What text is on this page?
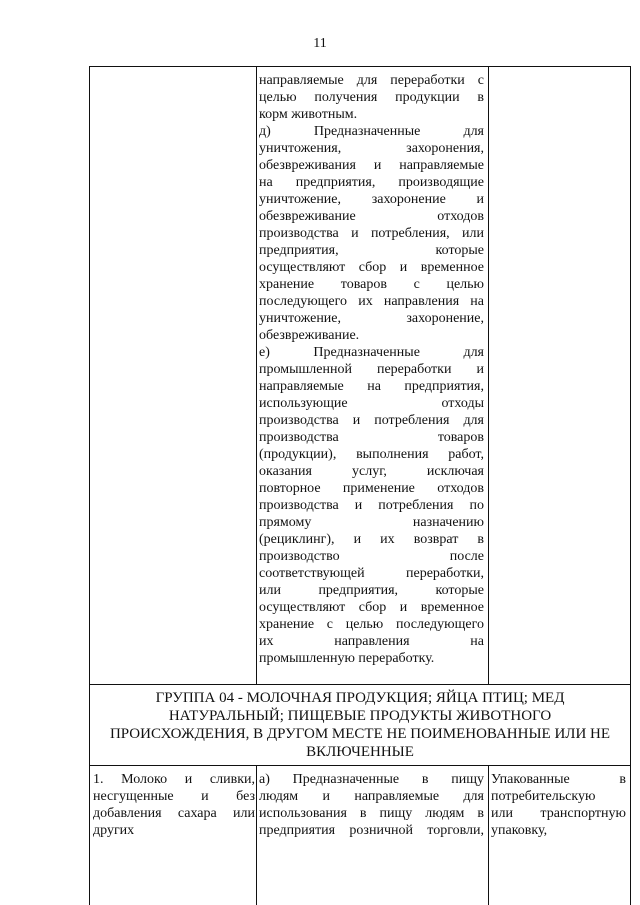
11
направляемые для переработки с
целью получения продукции в
корм животным.
д) Предназначенные для
уничтожения, захоронения,
обезвреживания и направляемые
на предприятия, производящие
уничтожение, захоронение и
обезвреживание отходов
производства и потребления, или
предприятия, которые
осуществляют сбор и временное
хранение товаров с целью
последующего их направления на
уничтожение, захоронение,
обезвреживание.
е) Предназначенные для
промышленной переработки и
направляемые на предприятия,
использующие отходы
производства и потребления для
производства товаров
(продукции), выполнения работ,
оказания услуг, исключая
повторное применение отходов
производства и потребления по
прямому назначению
(рециклинг), и их возврат в
производство после
соответствующей переработки,
или предприятия, которые
осуществляют сбор и временное
хранение с целью последующего
их направления на
промышленную переработку.
ГРУППА 04 - МОЛОЧНАЯ ПРОДУКЦИЯ; ЯЙЦА ПТИЦ; МЕД
НАТУРАЛЬНЫЙ; ПИЩЕВЫЕ ПРОДУКТЫ ЖИВОТНОГО
ПРОИСХОЖДЕНИЯ, В ДРУГОМ МЕСТЕ НЕ ПОИМЕНОВАННЫЕ ИЛИ НЕ
ВКЛЮЧЕННЫЕ
1. Молоко и сливки,
несгущенные и без
добавления сахара или
других
а) Предназначенные в пищу
людям и направляемые для
использования в пищу людям в
предприятия розничной торговли,
Упакованные в
потребительскую
или транспортную
упаковку,
